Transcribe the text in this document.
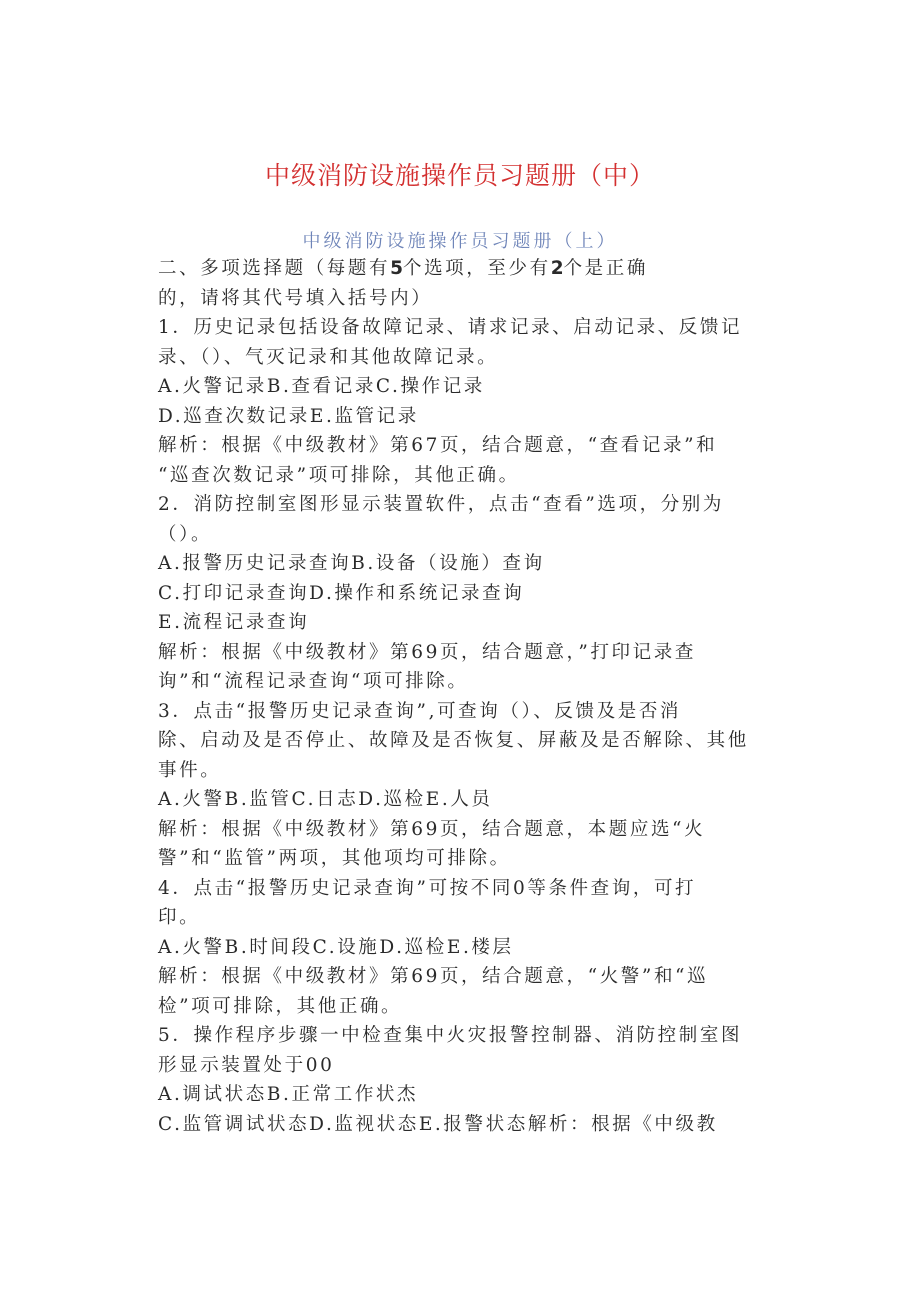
中级消防设施操作员习题册（中）
中级消防设施操作员习题册（上）
二、多项选择题（每题有5个选项，至少有2个是正确
的，请将其代号填入括号内）
1．历史记录包括设备故障记录、请求记录、启动记录、反馈记
录、（）、气灭记录和其他故障记录。
A.火警记录B.查看记录C.操作记录
D.巡查次数记录E.监管记录
解析：根据《中级教材》第67页，结合题意，“查看记录”和
“巡查次数记录”项可排除，其他正确。
2．消防控制室图形显示装置软件，点击“查看”选项，分别为
（）。
A.报警历史记录查询B.设备（设施）查询
C.打印记录查询D.操作和系统记录查询
E.流程记录查询
解析：根据《中级教材》第69页，结合题意，”打印记录查
询”和“流程记录查询“项可排除。
3．点击“报警历史记录查询”,可查询（）、反馈及是否消
除、启动及是否停止、故障及是否恢复、屏蔽及是否解除、其他
事件。
A.火警B.监管C.日志D.巡检E.人员
解析：根据《中级教材》第69页，结合题意，本题应选“火
警”和“监管”两项，其他项均可排除。
4．点击“报警历史记录查询”可按不同0等条件查询，可打
印。
A.火警B.时间段C.设施D.巡检E.楼层
解析：根据《中级教材》第69页，结合题意，“火警”和“巡
检”项可排除，其他正确。
5．操作程序步骤一中检查集中火灾报警控制器、消防控制室图
形显示装置处于00
A.调试状态B.正常工作状杰
C.监管调试状态D.监视状态E.报警状态解析：根据《中级教
